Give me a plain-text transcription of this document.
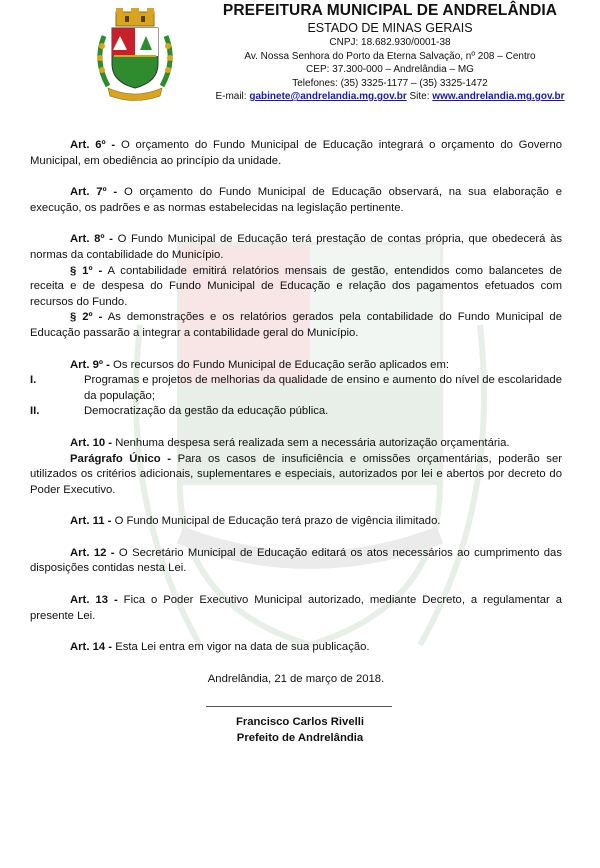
PREFEITURA MUNICIPAL DE ANDRELÂNDIA
ESTADO DE MINAS GERAIS
CNPJ: 18.682.930/0001-38
Av. Nossa Senhora do Porto da Eterna Salvação, nº 208 – Centro
CEP: 37.300-000 – Andrelândia – MG
Telefones: (35) 3325-1177 – (35) 3325-1472
E-mail: gabinete@andrelandia.mg.gov.br Site: www.andrelandia.mg.gov.br

Art. 6º - O orçamento do Fundo Municipal de Educação integrará o orçamento do Governo Municipal, em obediência ao princípio da unidade.

Art. 7º - O orçamento do Fundo Municipal de Educação observará, na sua elaboração e execução, os padrões e as normas estabelecidas na legislação pertinente.

Art. 8º - O Fundo Municipal de Educação terá prestação de contas própria, que obedecerá às normas da contabilidade do Município.

§ 1º - A contabilidade emitirá relatórios mensais de gestão, entendidos como balancetes de receita e de despesa do Fundo Municipal de Educação e relação dos pagamentos efetuados com recursos do Fundo.

§ 2º - As demonstrações e os relatórios gerados pela contabilidade do Fundo Municipal de Educação passarão a integrar a contabilidade geral do Município.

Art. 9º - Os recursos do Fundo Municipal de Educação serão aplicados em:

I.	Programas e projetos de melhorias da qualidade de ensino e aumento do nível de escolaridade da população;
II.	Democratização da gestão da educação pública.

Art. 10 - Nenhuma despesa será realizada sem a necessária autorização orçamentária.

Parágrafo Único - Para os casos de insuficiência e omissões orçamentárias, poderão ser utilizados os critérios adicionais, suplementares e especiais, autorizados por lei e abertos por decreto do Poder Executivo.

Art. 11 - O Fundo Municipal de Educação terá prazo de vigência ilimitado.

Art. 12 - O Secretário Municipal de Educação editará os atos necessários ao cumprimento das disposições contidas nesta Lei.

Art. 13 - Fica o Poder Executivo Municipal autorizado, mediante Decreto, a regulamentar a presente Lei.

Art. 14 - Esta Lei entra em vigor na data de sua publicação.

Andrelândia, 21 de março de 2018.

Francisco Carlos Rivelli
Prefeito de Andrelândia
